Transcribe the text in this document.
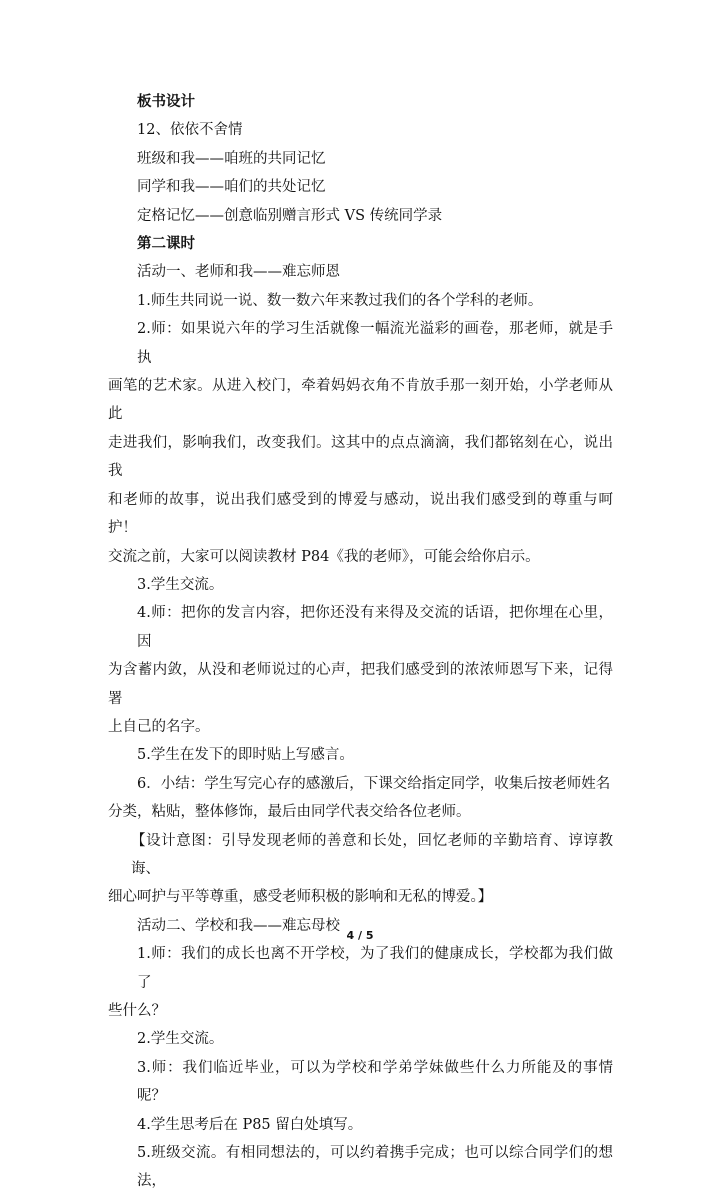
板书设计

12、依依不舍情

班级和我——咱班的共同记忆

同学和我——咱们的共处记忆

定格记忆——创意临别赠言形式 VS 传统同学录

第二课时

活动一、老师和我——难忘师恩

1.师生共同说一说、数一数六年来教过我们的各个学科的老师。

2.师：如果说六年的学习生活就像一幅流光溢彩的画卷，那老师，就是手执

画笔的艺术家。从进入校门，牵着妈妈衣角不肯放手那一刻开始，小学老师从此

走进我们，影响我们，改变我们。这其中的点点滴滴，我们都铭刻在心，说出我

和老师的故事，说出我们感受到的博爱与感动，说出我们感受到的尊重与呵护！

交流之前，大家可以阅读教材 P84《我的老师》，可能会给你启示。

3.学生交流。

4.师：把你的发言内容，把你还没有来得及交流的话语，把你埋在心里，因

为含蓄内敛，从没和老师说过的心声，把我们感受到的浓浓师恩写下来，记得署

上自己的名字。

5.学生在发下的即时贴上写感言。

6．小结：学生写完心存的感激后，下课交给指定同学，收集后按老师姓名

分类，粘贴，整体修饰，最后由同学代表交给各位老师。

【设计意图：引导发现老师的善意和长处，回忆老师的辛勤培育、谆谆教诲、

细心呵护与平等尊重，感受老师积极的影响和无私的博爱。】

活动二、学校和我——难忘母校

1.师：我们的成长也离不开学校，为了我们的健康成长，学校都为我们做了

些什么？

2.学生交流。

3.师：我们临近毕业，可以为学校和学弟学妹做些什么力所能及的事情呢？

4.学生思考后在 P85 留白处填写。

5.班级交流。有相同想法的，可以约着携手完成；也可以综合同学们的想法，

4 / 5
